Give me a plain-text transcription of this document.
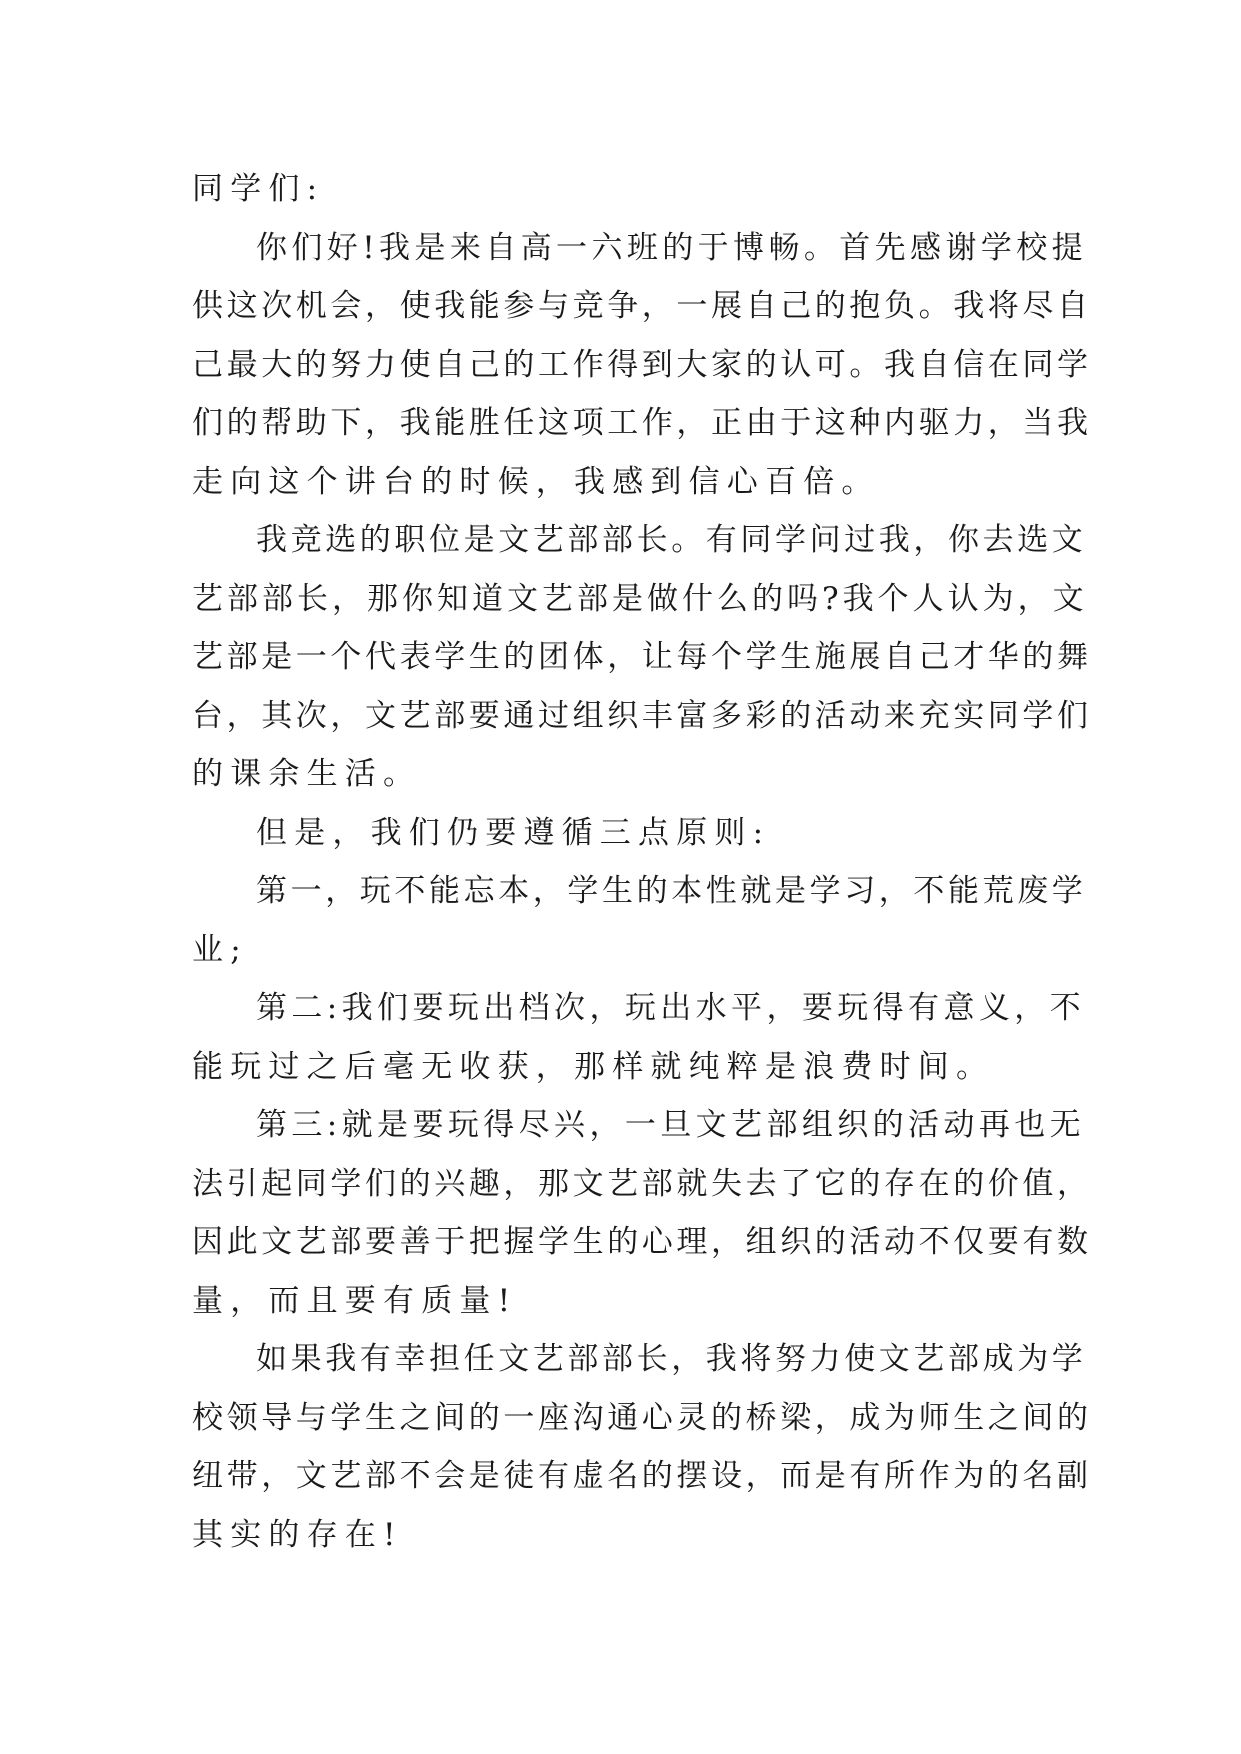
同学们:
你们好!我是来自高一六班的于博畅。首先感谢学校提
供这次机会，使我能参与竞争，一展自己的抱负。我将尽自
己最大的努力使自己的工作得到大家的认可。我自信在同学
们的帮助下，我能胜任这项工作，正由于这种内驱力，当我
走向这个讲台的时候，我感到信心百倍。
我竞选的职位是文艺部部长。有同学问过我，你去选文
艺部部长，那你知道文艺部是做什么的吗?我个人认为，文
艺部是一个代表学生的团体，让每个学生施展自己才华的舞
台，其次，文艺部要通过组织丰富多彩的活动来充实同学们
的课余生活。
但是，我们仍要遵循三点原则:
第一，玩不能忘本，学生的本性就是学习，不能荒废学
业;
第二:我们要玩出档次，玩出水平，要玩得有意义，不
能玩过之后毫无收获，那样就纯粹是浪费时间。
第三:就是要玩得尽兴，一旦文艺部组织的活动再也无
法引起同学们的兴趣，那文艺部就失去了它的存在的价值，
因此文艺部要善于把握学生的心理，组织的活动不仅要有数
量，而且要有质量!
如果我有幸担任文艺部部长，我将努力使文艺部成为学
校领导与学生之间的一座沟通心灵的桥梁，成为师生之间的
纽带，文艺部不会是徒有虚名的摆设，而是有所作为的名副
其实的存在!
